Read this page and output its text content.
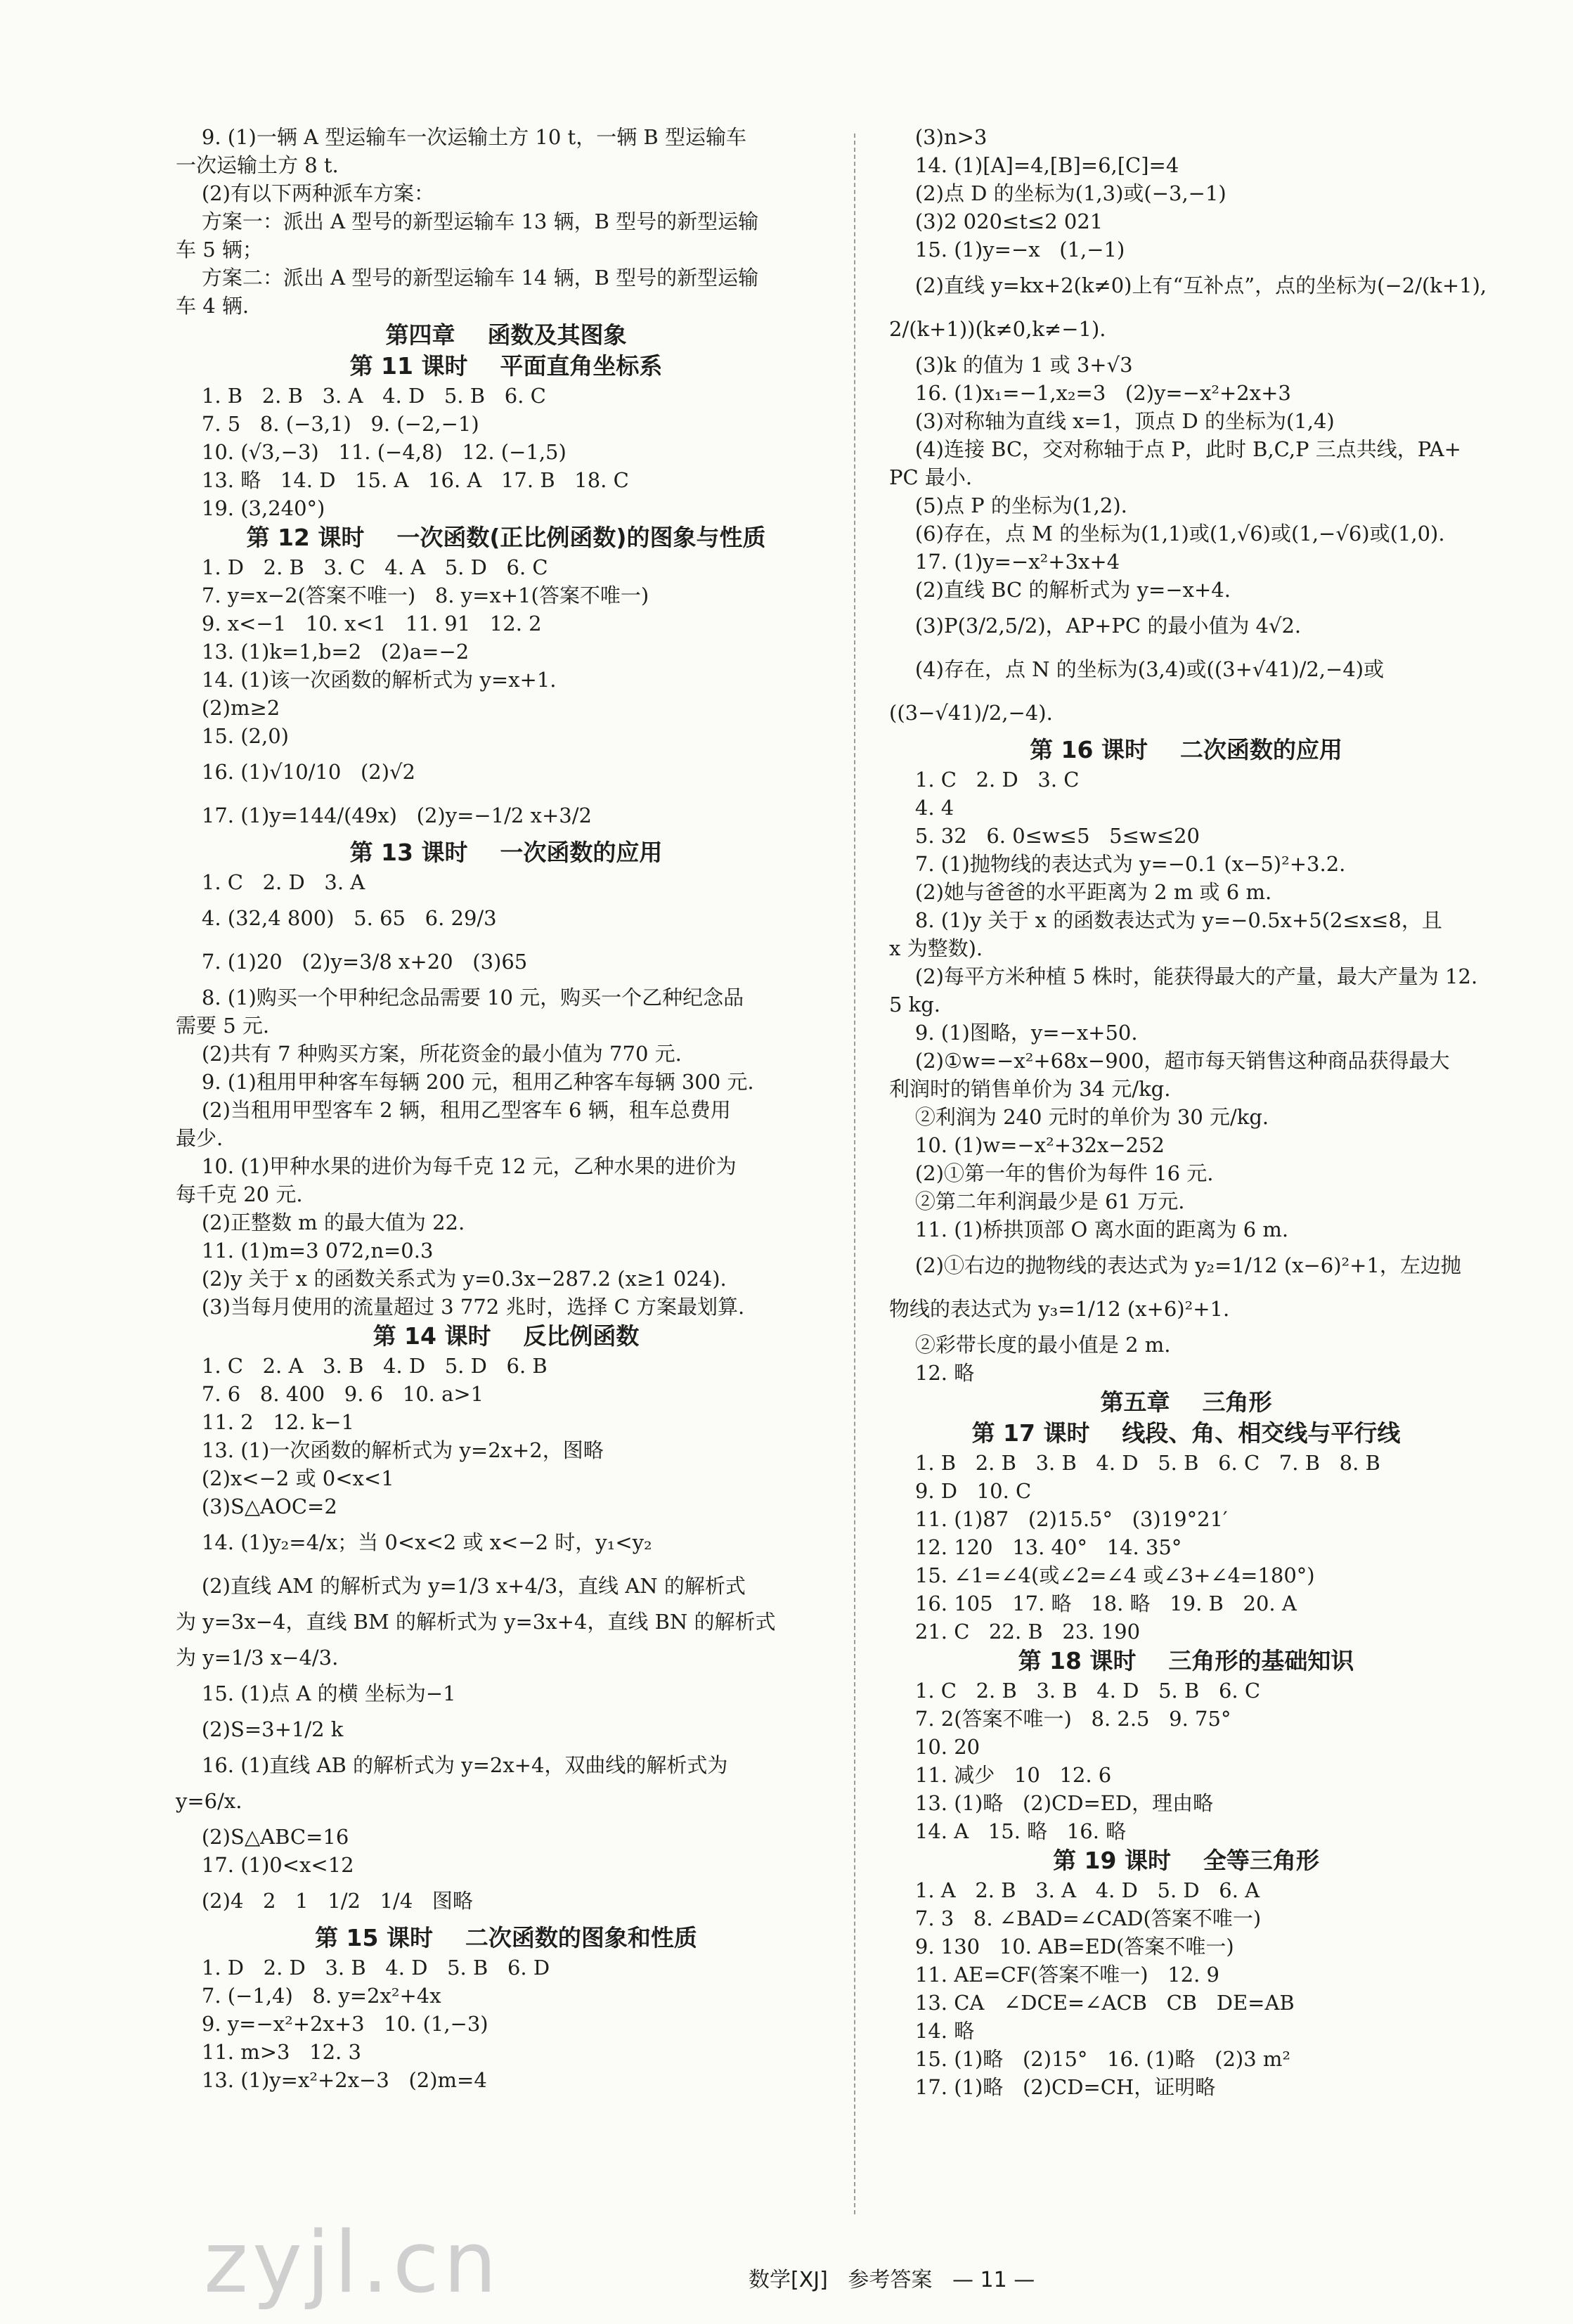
9. (1)一辆 A 型运输车一次运输土方 10 t，一辆 B 型运输车
一次运输土方 8 t.
(2)有以下两种派车方案：
方案一：派出 A 型号的新型运输车 13 辆，B 型号的新型运输
车 5 辆；
方案二：派出 A 型号的新型运输车 14 辆，B 型号的新型运输
车 4 辆.
第四章    函数及其图象
第 11 课时    平面直角坐标系
1. B   2. B   3. A   4. D   5. B   6. C
7. 5   8. (−3,1)   9. (−2,−1)
10. (√3,−3)   11. (−4,8)   12. (−1,5)
13. 略   14. D   15. A   16. A   17. B   18. C
19. (3,240°)
第 12 课时    一次函数(正比例函数)的图象与性质
1. D   2. B   3. C   4. A   5. D   6. C
7. y=x−2(答案不唯一)   8. y=x+1(答案不唯一)
9. x<−1   10. x<1   11. 91   12. 2
13. (1)k=1,b=2   (2)a=−2
14. (1)该一次函数的解析式为 y=x+1.
(2)m≥2
15. (2,0)
16. (1)√10/10   (2)√2
17. (1)y=144/(49x)   (2)y=−1/2 x+3/2
第 13 课时    一次函数的应用
1. C   2. D   3. A
4. (32,4 800)   5. 65   6. 29/3
7. (1)20   (2)y=3/8 x+20   (3)65
8. (1)购买一个甲种纪念品需要 10 元，购买一个乙种纪念品
需要 5 元.
(2)共有 7 种购买方案，所花资金的最小值为 770 元.
9. (1)租用甲种客车每辆 200 元，租用乙种客车每辆 300 元.
(2)当租用甲型客车 2 辆，租用乙型客车 6 辆，租车总费用
最少.
10. (1)甲种水果的进价为每千克 12 元，乙种水果的进价为
每千克 20 元.
(2)正整数 m 的最大值为 22.
11. (1)m=3 072,n=0.3
(2)y 关于 x 的函数关系式为 y=0.3x−287.2 (x≥1 024).
(3)当每月使用的流量超过 3 772 兆时，选择 C 方案最划算.
第 14 课时    反比例函数
1. C   2. A   3. B   4. D   5. D   6. B
7. 6   8. 400   9. 6   10. a>1
11. 2   12. k−1
13. (1)一次函数的解析式为 y=2x+2，图略
(2)x<−2 或 0<x<1
(3)S△AOC=2
14. (1)y₂=4/x；当 0<x<2 或 x<−2 时，y₁<y₂
(2)直线 AM 的解析式为 y=1/3 x+4/3，直线 AN 的解析式
为 y=3x−4，直线 BM 的解析式为 y=3x+4，直线 BN 的解析式
为 y=1/3 x−4/3.
15. (1)点 A 的横 坐标为−1
(2)S=3+1/2 k
16. (1)直线 AB 的解析式为 y=2x+4，双曲线的解析式为
y=6/x.
(2)S△ABC=16
17. (1)0<x<12
(2)4   2   1   1/2   1/4   图略
第 15 课时    二次函数的图象和性质
1. D   2. D   3. B   4. D   5. B   6. D
7. (−1,4)   8. y=2x²+4x
9. y=−x²+2x+3   10. (1,−3)
11. m>3   12. 3
13. (1)y=x²+2x−3   (2)m=4
(3)n>3
14. (1)[A]=4,[B]=6,[C]=4
(2)点 D 的坐标为(1,3)或(−3,−1)
(3)2 020≤t≤2 021
15. (1)y=−x   (1,−1)
(2)直线 y=kx+2(k≠0)上有“互补点”，点的坐标为(−2/(k+1),
2/(k+1))(k≠0,k≠−1).
(3)k 的值为 1 或 3+√3
16. (1)x₁=−1,x₂=3   (2)y=−x²+2x+3
(3)对称轴为直线 x=1，顶点 D 的坐标为(1,4)
(4)连接 BC，交对称轴于点 P，此时 B,C,P 三点共线，PA+
PC 最小.
(5)点 P 的坐标为(1,2).
(6)存在，点 M 的坐标为(1,1)或(1,√6)或(1,−√6)或(1,0).
17. (1)y=−x²+3x+4
(2)直线 BC 的解析式为 y=−x+4.
(3)P(3/2,5/2)，AP+PC 的最小值为 4√2.
(4)存在，点 N 的坐标为(3,4)或((3+√41)/2,−4)或
((3−√41)/2,−4).
第 16 课时    二次函数的应用
1. C   2. D   3. C
4. 4
5. 32   6. 0≤w≤5   5≤w≤20
7. (1)抛物线的表达式为 y=−0.1 (x−5)²+3.2.
(2)她与爸爸的水平距离为 2 m 或 6 m.
8. (1)y 关于 x 的函数表达式为 y=−0.5x+5(2≤x≤8，且
x 为整数).
(2)每平方米种植 5 株时，能获得最大的产量，最大产量为 12.
5 kg.
9. (1)图略，y=−x+50.
(2)①w=−x²+68x−900，超市每天销售这种商品获得最大
利润时的销售单价为 34 元/kg.
②利润为 240 元时的单价为 30 元/kg.
10. (1)w=−x²+32x−252
(2)①第一年的售价为每件 16 元.
②第二年利润最少是 61 万元.
11. (1)桥拱顶部 O 离水面的距离为 6 m.
(2)①右边的抛物线的表达式为 y₂=1/12 (x−6)²+1，左边抛
物线的表达式为 y₃=1/12 (x+6)²+1.
②彩带长度的最小值是 2 m.
12. 略
第五章    三角形
第 17 课时    线段、角、相交线与平行线
1. B   2. B   3. B   4. D   5. B   6. C   7. B   8. B
9. D   10. C
11. (1)87   (2)15.5°   (3)19°21′
12. 120   13. 40°   14. 35°
15. ∠1=∠4(或∠2=∠4 或∠3+∠4=180°)
16. 105   17. 略   18. 略   19. B   20. A
21. C   22. B   23. 190
第 18 课时    三角形的基础知识
1. C   2. B   3. B   4. D   5. B   6. C
7. 2(答案不唯一)   8. 2.5   9. 75°
10. 20
11. 减少   10   12. 6
13. (1)略   (2)CD=ED，理由略
14. A   15. 略   16. 略
第 19 课时    全等三角形
1. A   2. B   3. A   4. D   5. D   6. A
7. 3   8. ∠BAD=∠CAD(答案不唯一)
9. 130   10. AB=ED(答案不唯一)
11. AE=CF(答案不唯一)   12. 9
13. CA   ∠DCE=∠ACB   CB   DE=AB
14. 略
15. (1)略   (2)15°   16. (1)略   (2)3 m²
17. (1)略   (2)CD=CH，证明略
数学[XJ]   参考答案   — 11 —
zyjl.cn
